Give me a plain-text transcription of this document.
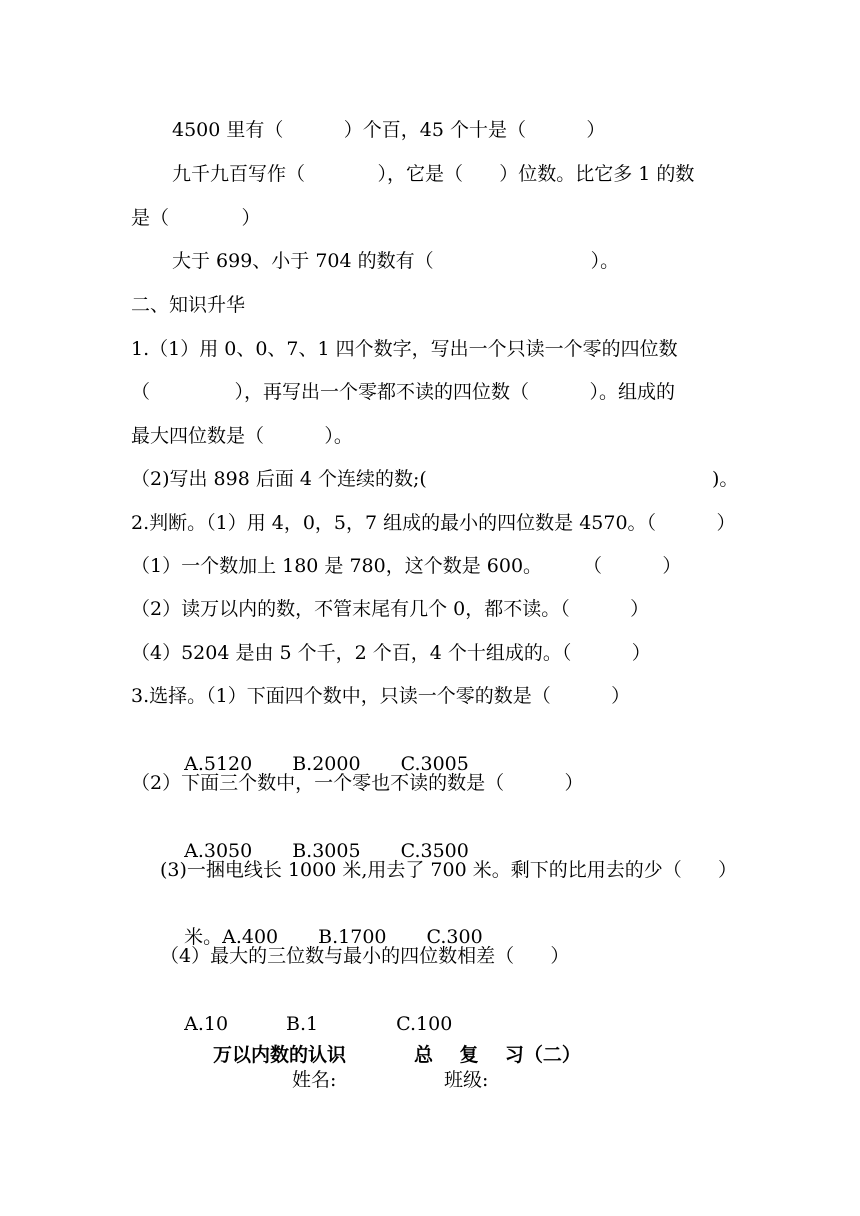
4500 里有（          ）个百，45 个十是（          ）
九千九百写作（            ），它是（      ）位数。比它多 1 的数
是（            ）
大于 699、小于 704 的数有（                          ）。
二、知识升华
1.（1）用 0、0、7、1 四个数字，写出一个只读一个零的四位数
（              ），再写出一个零都不读的四位数（          ）。组成的
最大四位数是（          ）。
（2)写出 898 后面 4 个连续的数;(	)。
2.判断。（1）用 4，0，5，7 组成的最小的四位数是 4570。（          ）
（1）一个数加上 180 是 780，这个数是 600。 （          ）
（2）读万以内的数，不管末尾有几个 0，都不读。（          ）
（4）5204 是由 5 个千，2 个百，4 个十组成的。（          ）
3.选择。（1）下面四个数中，只读一个零的数是（          ）

A.5120 B.2000 C.3005

（2）下面三个数中，一个零也不读的数是（          ）

A.3050 B.3005 C.3500

(3)一捆电线长 1000 米,用去了 700 米。剩下的比用去的少（      ）

米。A.400 B.1700 C.300

（4）最大的三位数与最小的四位数相差（      ）

A.10	B.1	C.100

万以内数的认识	总    复    习（二）
姓名:	班级:
